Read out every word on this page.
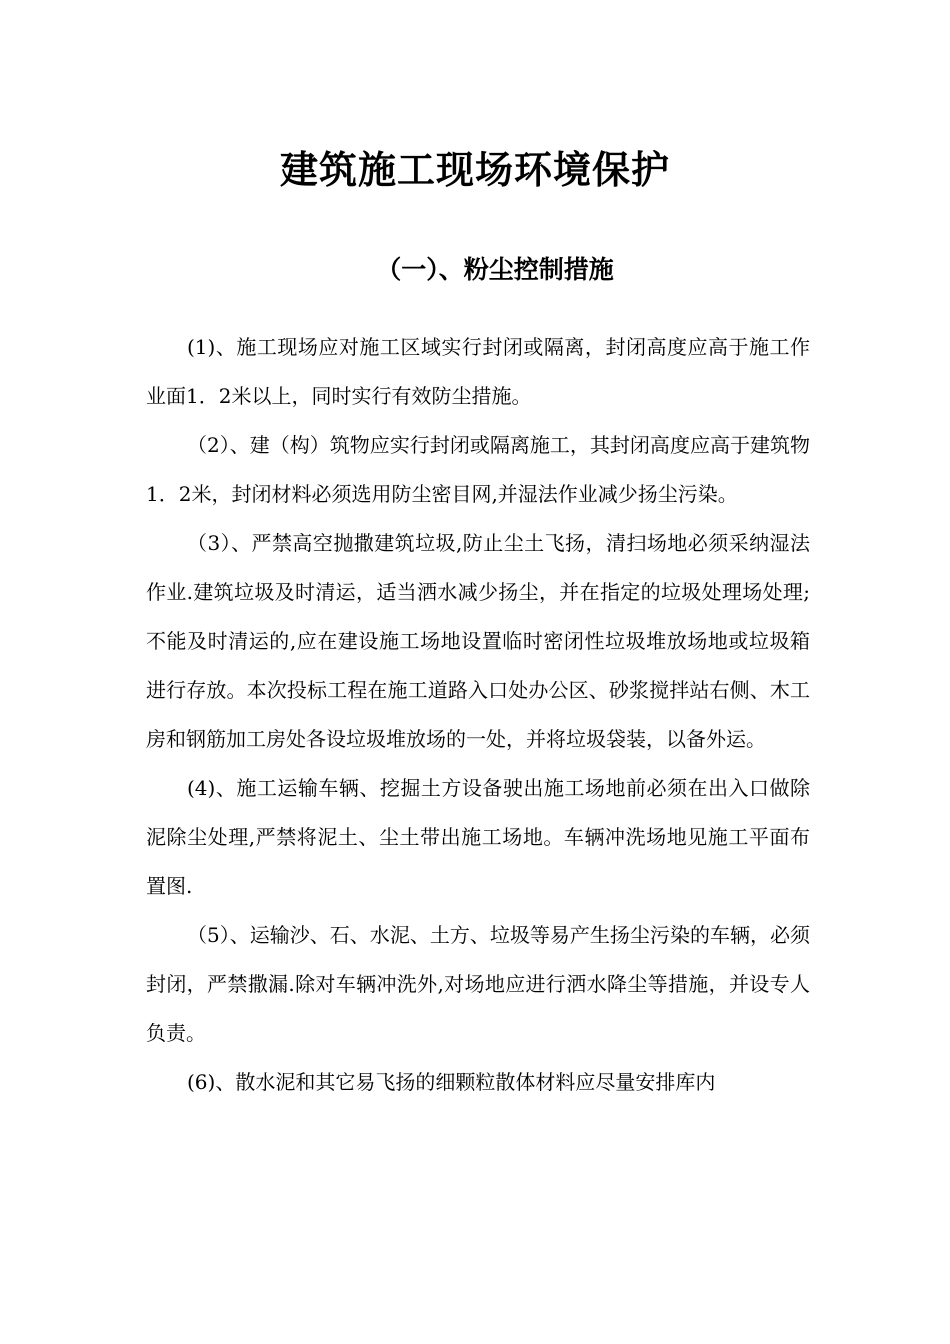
建筑施工现场环境保护
（一）、粉尘控制措施

(1)、施工现场应对施工区域实行封闭或隔离，封闭高度应高于施工作业面1．2米以上，同时实行有效防尘措施。

（2）、建（构）筑物应实行封闭或隔离施工，其封闭高度应高于建筑物1．2米，封闭材料必须选用防尘密目网,并湿法作业减少扬尘污染。

（3）、严禁高空抛撒建筑垃圾,防止尘土飞扬，清扫场地必须采纳湿法作业.建筑垃圾及时清运，适当洒水减少扬尘，并在指定的垃圾处理场处理;不能及时清运的,应在建设施工场地设置临时密闭性垃圾堆放场地或垃圾箱进行存放。本次投标工程在施工道路入口处办公区、砂浆搅拌站右侧、木工房和钢筋加工房处各设垃圾堆放场的一处，并将垃圾袋装，以备外运。

(4)、施工运输车辆、挖掘土方设备驶出施工场地前必须在出入口做除泥除尘处理,严禁将泥土、尘土带出施工场地。车辆冲洗场地见施工平面布置图.

（5）、运输沙、石、水泥、土方、垃圾等易产生扬尘污染的车辆，必须封闭，严禁撒漏.除对车辆冲洗外,对场地应进行洒水降尘等措施，并设专人负责。

(6)、散水泥和其它易飞扬的细颗粒散体材料应尽量安排库内
